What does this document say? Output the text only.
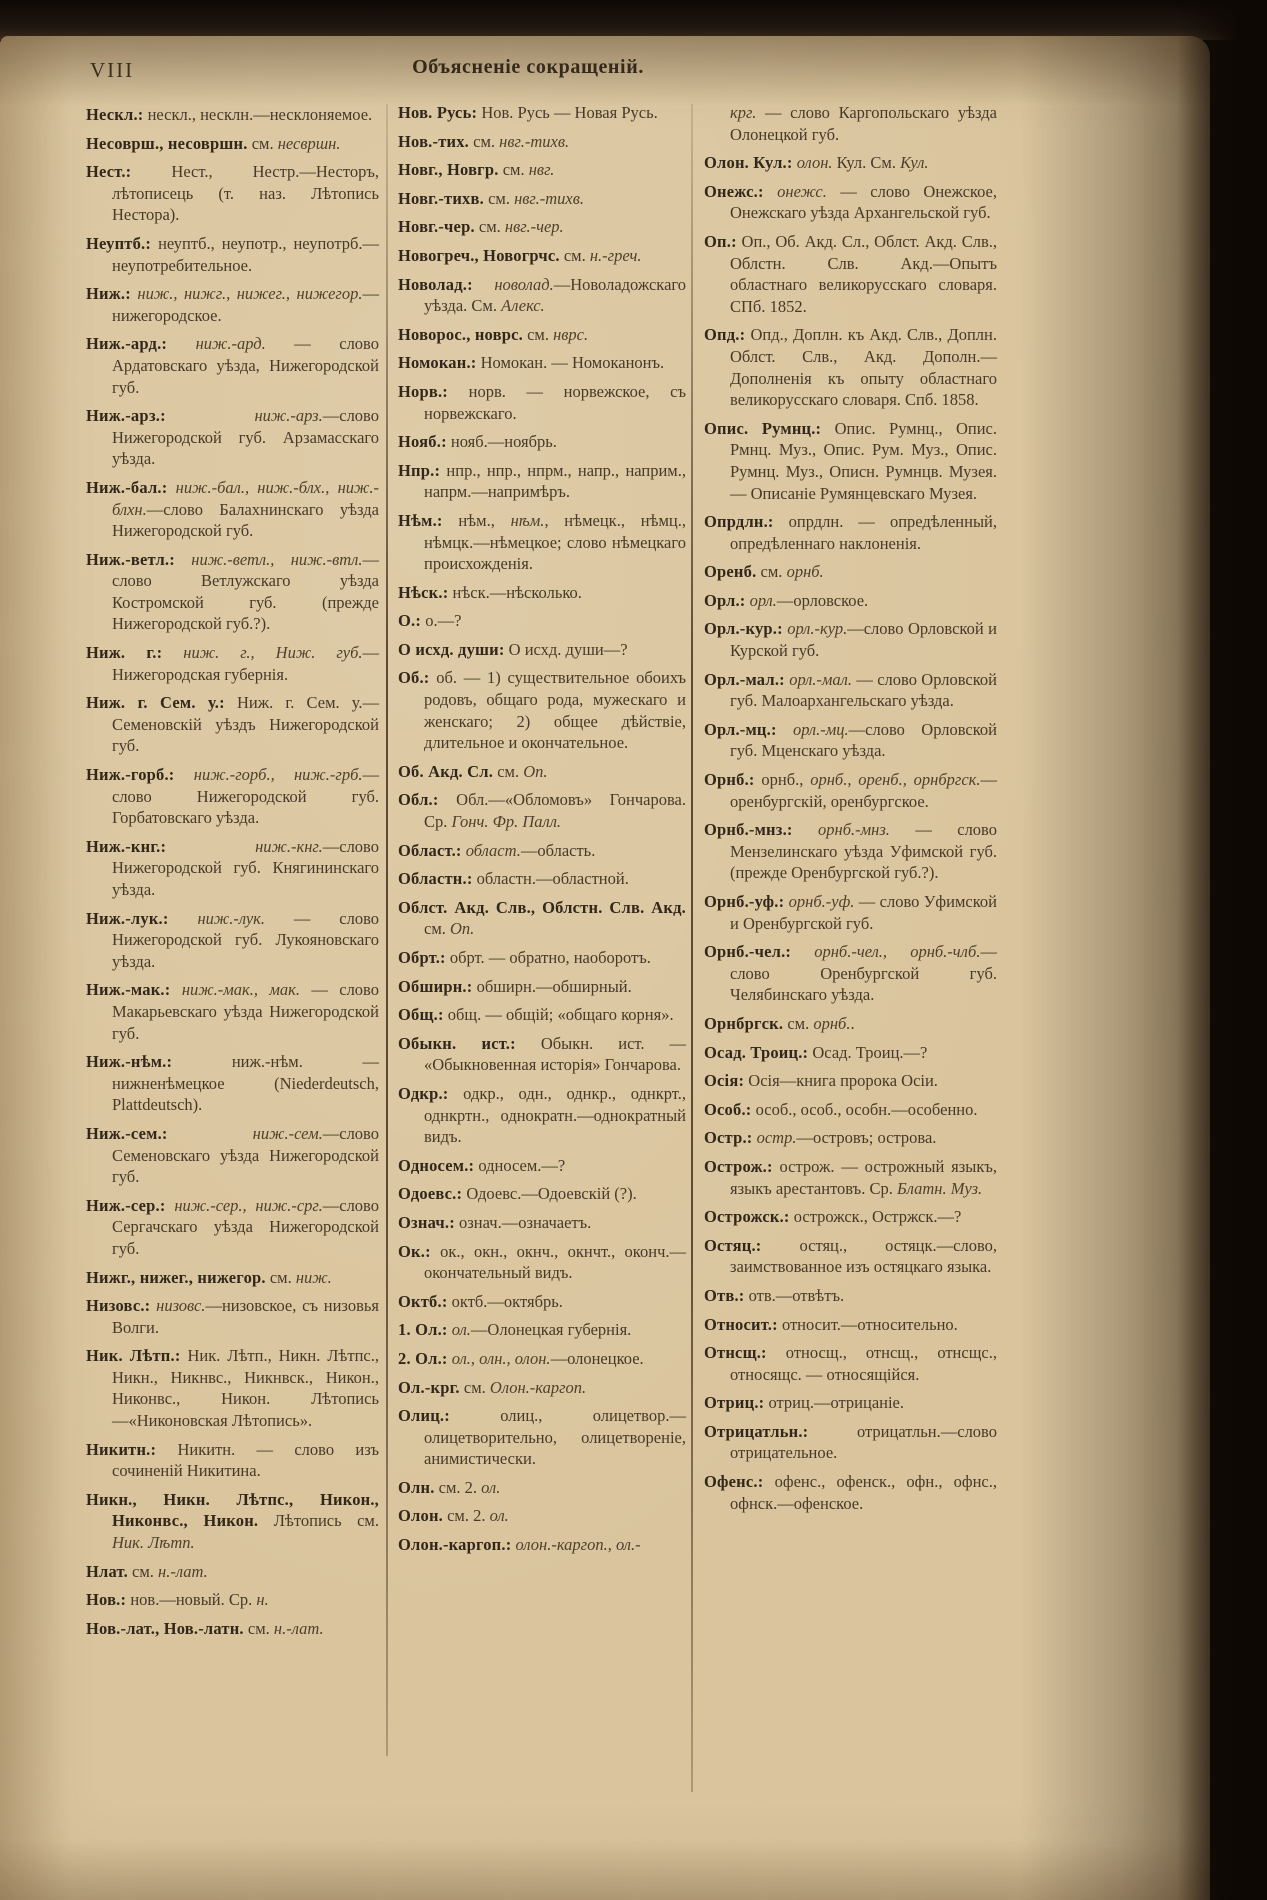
VIII	Объясненіе сокращеній.

Нескл.: нескл., несклн.—несклоняемое.

Несоврш., несовршн. см. несвршн.

Нест.: Нест., Нестр.—Несторъ, лѣтописець (т. наз. Лѣтопись Нестора).

Неуптб.: неуптб., неупотр., неупотрб.—неупотребительное.

Ниж.: ниж., нижг., нижег., нижегор.—нижегородское.

Ниж.-ард.: ниж.-ард. — слово Ардатовскаго уѣзда, Нижегородской губ.

Ниж.-арз.: ниж.-арз.—слово Нижегородской губ. Арзамасскаго уѣзда.

Ниж.-бал.: ниж.-бал., ниж.-блх., ниж.-блхн.—слово Балахнинскаго уѣзда Нижегородской губ.

Ниж.-ветл.: ниж.-ветл., ниж.-втл.—слово Ветлужскаго уѣзда Костромской губ. (прежде Нижегородской губ.?).

Ниж. г.: ниж. г., Ниж. губ.—Нижегородская губернія.

Ниж. г. Сем. у.: Ниж. г. Сем. у.—Семеновскій уѣздъ Нижегородской губ.

Ниж.-горб.: ниж.-горб., ниж.-грб.—слово Нижегородской губ. Горбатовскаго уѣзда.

Ниж.-кнг.: ниж.-кнг.—слово Нижегородской губ. Княгининскаго уѣзда.

Ниж.-лук.: ниж.-лук. — слово Нижегородской губ. Лукояновскаго уѣзда.

Ниж.-мак.: ниж.-мак., мак. — слово Макарьевскаго уѣзда Нижегородской губ.

Ниж.-нѣм.: ниж.-нѣм. — нижненѣмецкое (Niederdeutsch, Plattdeutsch).

Ниж.-сем.: ниж.-сем.—слово Семеновскаго уѣзда Нижегородской губ.

Ниж.-сер.: ниж.-сер., ниж.-срг.—слово Сергачскаго уѣзда Нижегородской губ.

Нижг., нижег., нижегор. см. ниж.

Низовс.: низовс.—низовское, съ низовья Волги.

Ник. Лѣтп.: Ник. Лѣтп., Никн. Лѣтпс., Никн., Никнвс., Никнвск., Никон., Никонвс., Никон. Лѣтопись—«Никоновская Лѣтопись».

Никитн.: Никитн. — слово изъ сочиненій Никитина.

Никн., Никн. Лѣтпс., Никон., Никонвс., Никон. Лѣтопись см. Ник. Лѣтп.

Нлат. см. н.-лат.

Нов.: нов.—новый. Ср. н.

Нов.-лат., Нов.-латн. см. н.-лат.

Нов. Русь: Нов. Русь — Новая Русь.

Нов.-тих. см. нвг.-тихв.

Новг., Новгр. см. нвг.

Новг.-тихв. см. нвг.-тихв.

Новг.-чер. см. нвг.-чер.

Новогреч., Новогрчс. см. н.-греч.

Новолад.: новолад.—Новоладожскаго уѣзда. См. Алекс.

Новорос., новрс. см. нврс.

Номокан.: Номокан. — Номоканонъ.

Норв.: норв. — норвежское, съ норвежскаго.

Нояб.: нояб.—ноябрь.

Нпр.: нпр., нпр., нпрм., напр., наприм., напрм.—напримѣръ.

Нѣм.: нѣм., нѣм., нѣмецк., нѣмц., нѣмцк.—нѣмецкое; слово нѣмецкаго происхожденія.

Нѣск.: нѣск.—нѣсколько.

О.: о.—?

О исхд. души: О исхд. души—?

Об.: об. — 1) существительное обоихъ родовъ, общаго рода, мужескаго и женскаго; 2) общее дѣйствіе, длительное и окончательное.

Об. Акд. Сл. см. Оп.

Обл.: Обл.—«Обломовъ» Гончарова. Ср. Гонч. Фр. Палл.

Област.: област.—область.

Областн.: областн.—областной.

Облст. Акд. Слв., Облстн. Слв. Акд. см. Оп.

Обрт.: обрт. — обратно, наоборотъ.

Обширн.: обширн.—обширный.

Общ.: общ. — общій; «общаго корня».

Обыкн. ист.: Обыкн. ист. — «Обыкновенная исторія» Гончарова.

Одкр.: одкр., одн., однкр., однкрт., однкртн., однократн.—однократный видъ.

Односем.: односем.—?

Одоевс.: Одоевс.—Одоевскій (?).

Означ.: означ.—означаетъ.

Ок.: ок., окн., окнч., окнчт., оконч.—окончательный видъ.

Октб.: октб.—октябрь.

1. Ол.: ол.—Олонецкая губернія.

2. Ол.: ол., олн., олон.—олонецкое.

Ол.-крг. см. Олон.-каргоп.

Олиц.: олиц., олицетвор.—олицетворительно, олицетвореніе, анимистически.

Олн. см. 2. ол.

Олон. см. 2. ол.

Олон.-каргоп.: олон.-каргоп., ол.-

крг. — слово Каргопольскаго уѣзда Олонецкой губ.

Олон. Кул.: олон. Кул. См. Кул.

Онежс.: онежс. — слово Онежское, Онежскаго уѣзда Архангельской губ.

Оп.: Оп., Об. Акд. Сл., Облст. Акд. Слв., Облстн. Слв. Акд.—Опытъ областнаго великорусскаго словаря. СПб. 1852.

Опд.: Опд., Доплн. къ Акд. Слв., Доплн. Облст. Слв., Акд. Дополн.—Дополненія къ опыту областнаго великорусскаго словаря. Спб. 1858.

Опис. Румнц.: Опис. Румнц., Опис. Рмнц. Муз., Опис. Рум. Муз., Опис. Румнц. Муз., Описн. Румнцв. Музея. — Описаніе Румянцевскаго Музея.

Опрдлн.: опрдлн. — опредѣленный, опредѣленнаго наклоненія.

Оренб. см. орнб.

Орл.: орл.—орловское.

Орл.-кур.: орл.-кур.—слово Орловской и Курской губ.

Орл.-мал.: орл.-мал. — слово Орловской губ. Малоархангельскаго уѣзда.

Орл.-мц.: орл.-мц.—слово Орловской губ. Мценскаго уѣзда.

Орнб.: орнб., орнб., оренб., орнбргск.—оренбургскій, оренбургское.

Орнб.-мнз.: орнб.-мнз. — слово Мензелинскаго уѣзда Уфимской губ. (прежде Оренбургской губ.?).

Орнб.-уф.: орнб.-уф. — слово Уфимской и Оренбургской губ.

Орнб.-чел.: орнб.-чел., орнб.-члб.—слово Оренбургской губ. Челябинскаго уѣзда.

Орнбргск. см. орнб..

Осад. Троиц.: Осад. Троиц.—?

Осія: Осія—книга пророка Осіи.

Особ.: особ., особ., особн.—особенно.

Остр.: остр.—островъ; острова.

Острож.: острож. — острожный языкъ, языкъ арестантовъ. Ср. Блатн. Муз.

Острожск.: острожск., Остржск.—?

Остяц.: остяц., остяцк.—слово, заимствованное изъ остяцкаго языка.

Отв.: отв.—отвѣтъ.

Относит.: относит.—относительно.

Отнсщ.: относщ., отнсщ., отнсщс., относящс. — относящійся.

Отриц.: отриц.—отрицаніе.

Отрицатльн.: отрицатльн.—слово отрицательное.

Офенс.: офенс., офенск., офн., офнс., офнск.—офенское.
